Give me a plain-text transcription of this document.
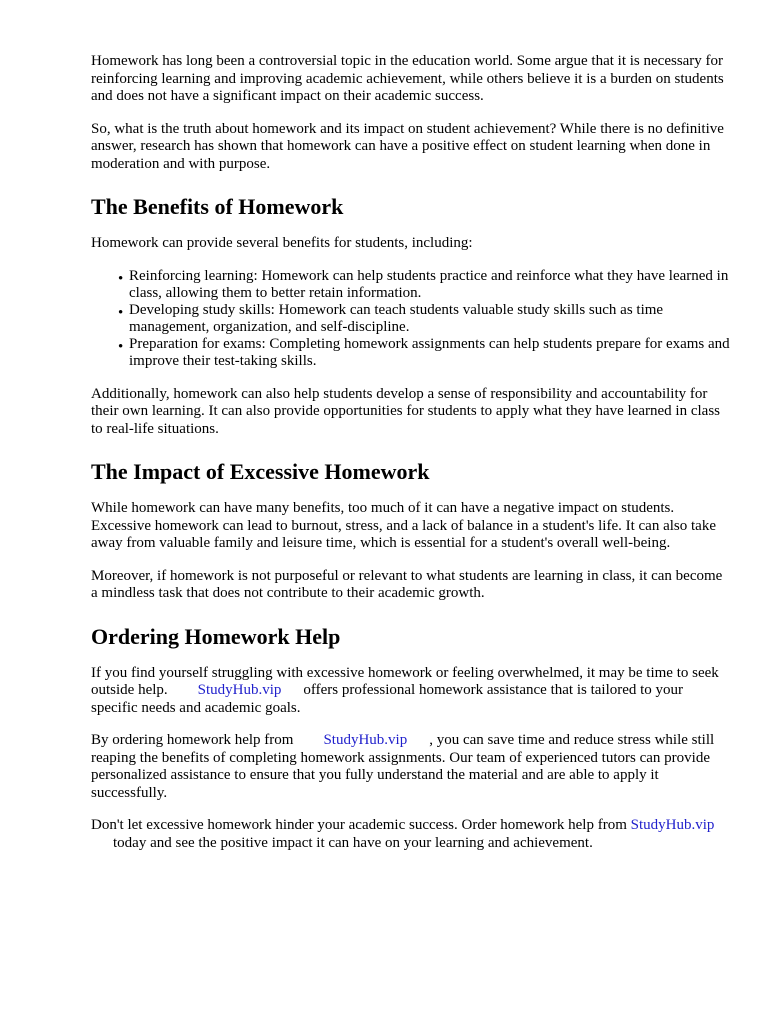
Homework has long been a controversial topic in the education world. Some argue that it is necessary for reinforcing learning and improving academic achievement, while others believe it is a burden on students and does not have a significant impact on their academic success.

So, what is the truth about homework and its impact on student achievement? While there is no definitive answer, research has shown that homework can have a positive effect on student learning when done in moderation and with purpose.

The Benefits of Homework

Homework can provide several benefits for students, including:

• Reinforcing learning: Homework can help students practice and reinforce what they have learned in class, allowing them to better retain information.
• Developing study skills: Homework can teach students valuable study skills such as time management, organization, and self-discipline.
• Preparation for exams: Completing homework assignments can help students prepare for exams and improve their test-taking skills.

Additionally, homework can also help students develop a sense of responsibility and accountability for their own learning. It can also provide opportunities for students to apply what they have learned in class to real-life situations.

The Impact of Excessive Homework

While homework can have many benefits, too much of it can have a negative impact on students. Excessive homework can lead to burnout, stress, and a lack of balance in a student's life. It can also take away from valuable family and leisure time, which is essential for a student's overall well-being.

Moreover, if homework is not purposeful or relevant to what students are learning in class, it can become a mindless task that does not contribute to their academic growth.

Ordering Homework Help

If you find yourself struggling with excessive homework or feeling overwhelmed, it may be time to seek outside help. StudyHub.vip offers professional homework assistance that is tailored to your specific needs and academic goals.

By ordering homework help from StudyHub.vip , you can save time and reduce stress while still reaping the benefits of completing homework assignments. Our team of experienced tutors can provide personalized assistance to ensure that you fully understand the material and are able to apply it successfully.

Don't let excessive homework hinder your academic success. Order homework help from StudyHub.viptoday and see the positive impact it can have on your learning and achievement.
